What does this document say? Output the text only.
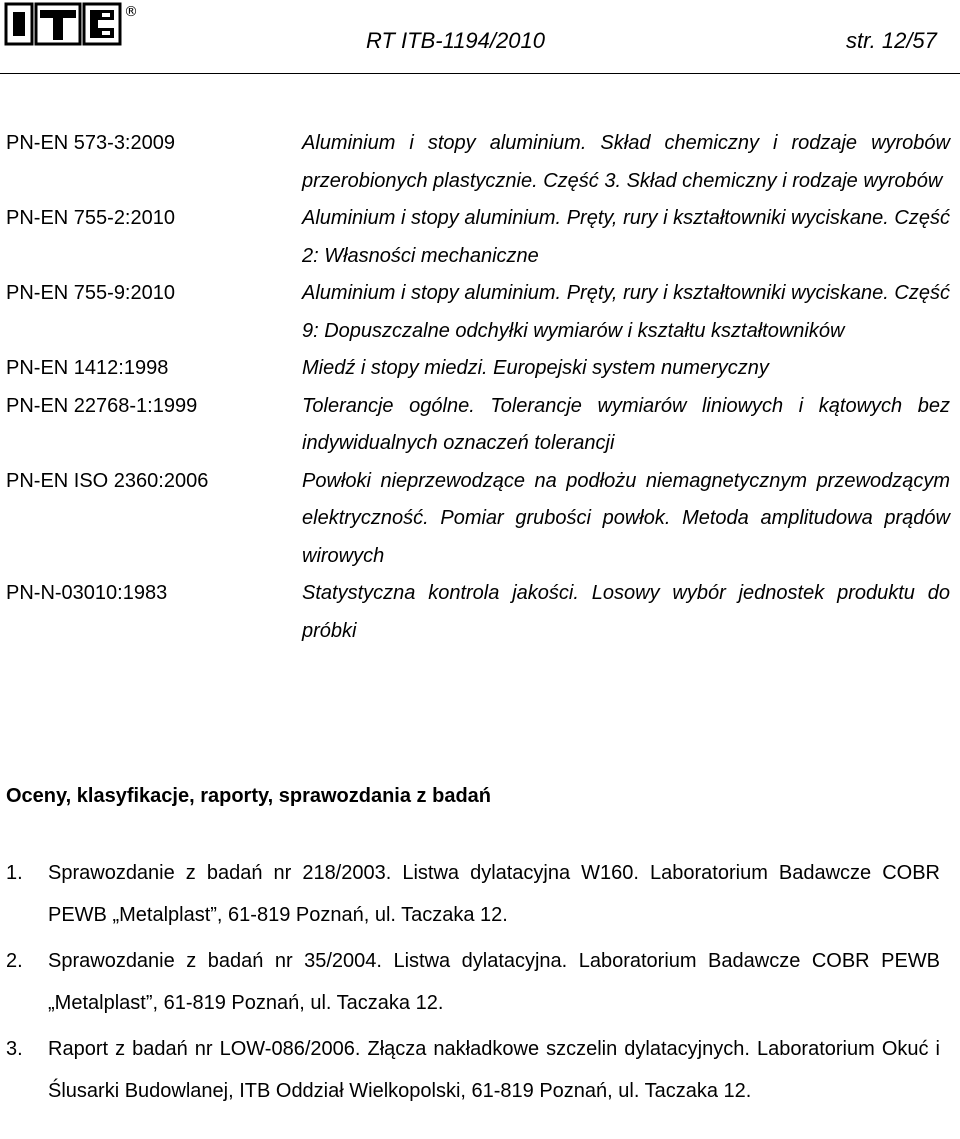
®
RT ITB-1194/2010	str. 12/57
PN-EN 573-3:2009	Aluminium i stopy aluminium. Skład chemiczny i rodzaje wyrobów przerobionych plastycznie. Część 3. Skład chemiczny i rodzaje wyrobów
PN-EN 755-2:2010	Aluminium i stopy aluminium. Pręty, rury i kształtowniki wyciskane. Część 2: Własności mechaniczne
PN-EN 755-9:2010	Aluminium i stopy aluminium. Pręty, rury i kształtowniki wyciskane. Część 9: Dopuszczalne odchyłki wymiarów i kształtu kształtowników
PN-EN 1412:1998	Miedź i stopy miedzi. Europejski system numeryczny
PN-EN 22768-1:1999	Tolerancje ogólne. Tolerancje wymiarów liniowych i kątowych bez indywidualnych oznaczeń tolerancji
PN-EN ISO 2360:2006	Powłoki nieprzewodzące na podłożu niemagnetycznym przewodzącym elektryczność. Pomiar grubości powłok. Metoda amplitudowa prądów wirowych
PN-N-03010:1983	Statystyczna kontrola jakości. Losowy wybór jednostek produktu do próbki
Oceny, klasyfikacje, raporty, sprawozdania z badań
1.	Sprawozdanie z badań nr 218/2003. Listwa dylatacyjna W160. Laboratorium Badawcze COBR PEWB „Metalplast”, 61-819 Poznań, ul. Taczaka 12.
2.	Sprawozdanie z badań nr 35/2004. Listwa dylatacyjna. Laboratorium Badawcze COBR PEWB „Metalplast”, 61-819 Poznań, ul. Taczaka 12.
3.	Raport z badań nr LOW-086/2006. Złącza nakładkowe szczelin dylatacyjnych. Laboratorium Okuć i Ślusarki Budowlanej, ITB Oddział Wielkopolski, 61-819 Poznań, ul. Taczaka 12.
